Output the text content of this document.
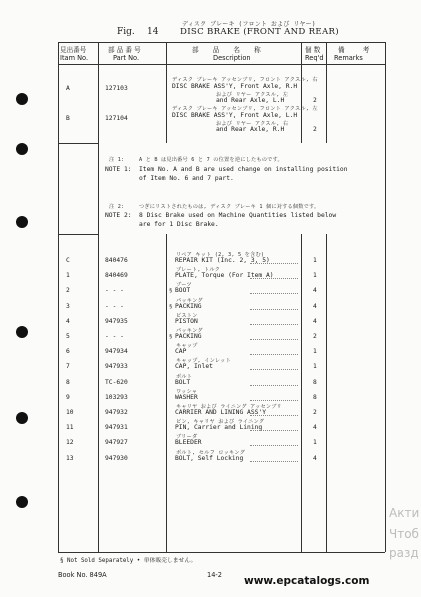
ディスク ブレーキ (フロント および リヤー)
Fig. 14	DISC BRAKE (FRONT AND REAR)
見出番号
Itam No.
部 品 番 号
Part No.
部 品 名 称
Description
個 数
Req'd
備 考
Remarks
A	127103
ディスク ブレーキ アッセンブリ, フロント アクスル, 右
DISC BRAKE ASS'Y, Front Axle, R.H
および リヤー アクスル, 左
and Rear Axle, L.H	2
B	127104
ディスク ブレーキ アッセンブリ, フロント アクスル, 左
DISC BRAKE ASS'Y, Front Axle, L.H
および リヤー アクスル, 右
and Rear Axle, R.H	2
注 1:	A と B は見出番号 6 と 7 の位置を逆にしたものです。
NOTE 1: Item No. A and B are used change on installing position
of Item No. 6 and 7 part.
注 2:	つぎにリストされたものは, ディスク ブレーキ 1 個に対する個数です。
NOTE 2: 8 Disc Brake used on Machine Quantities listed below
are for 1 Disc Brake.
C	840476
リペア キット (2, 3, 5 を含む)
REPAIR KIT (Inc. 2, 3, 5)	1
1	840469
プレート, トルク
PLATE, Torque (For Item A)	1
2	- - -
ブーツ
§ BOOT	4
3	- - -
パッキング
§ PACKING	4
4	947935
ピストン
PISTON	4
5	- - -
パッキング
§ PACKING	2
6	947934
キャップ
CAP	1
7	947933
キャップ, インレット
CAP, Inlet	1
8	TC-620
ボルト
BOLT	8
9	103293
ワッシャ
WASHER	8
10	947932
キャリヤ および ライニング アッセンブリ
CARRIER AND LINING ASS'Y	2
11	947931
ピン, キャリヤ および ライニング
PIN, Carrier and Lining	4
12	947927
ブリーダ
BLEEDER	1
13	947930
ボルト, セルフ ロッキング
BOLT, Self Locking	4
§ Not Sold Separately • 単体販売しません。
Book No. 849A	14-2 www.epcatalogs.com
Акти
Чтоб
разд
